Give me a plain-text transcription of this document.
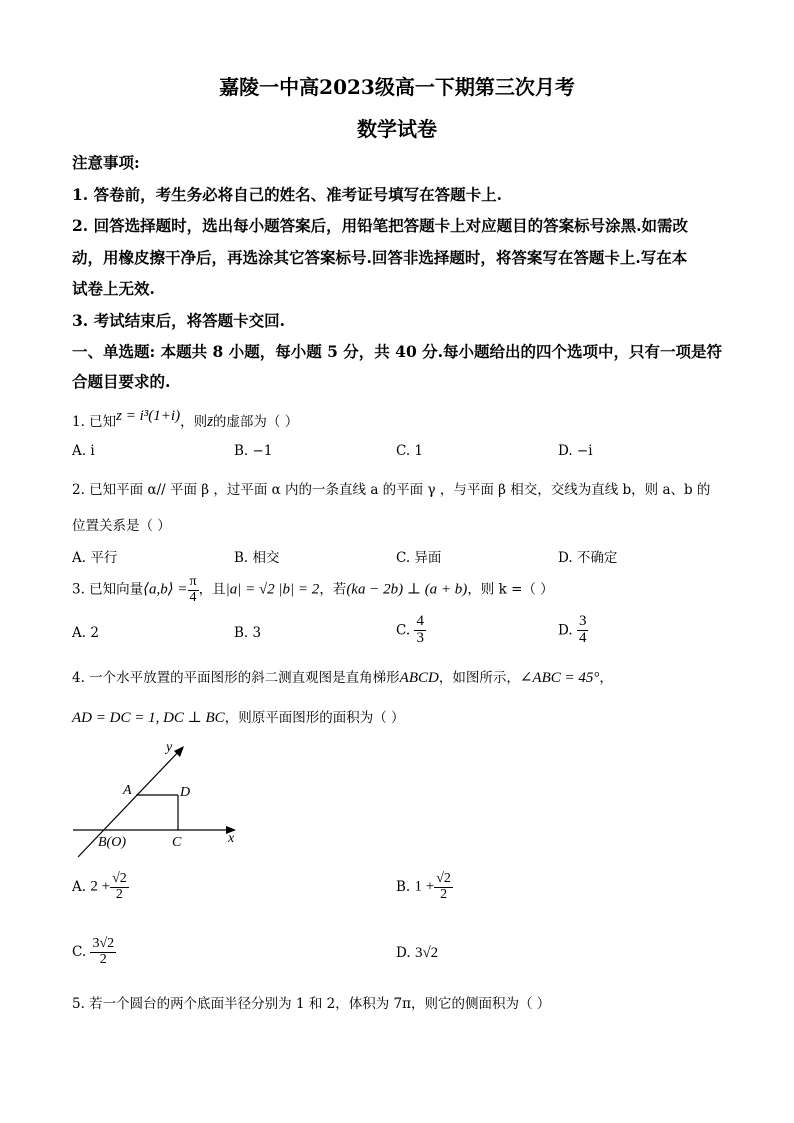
嘉陵一中高2023级高一下期第三次月考
数学试卷
注意事项:
1. 答卷前，考生务必将自己的姓名、准考证号填写在答题卡上.
2. 回答选择题时，选出每小题答案后，用铅笔把答题卡上对应题目的答案标号涂黑.如需改
动，用橡皮擦干净后，再选涂其它答案标号.回答非选择题时，将答案写在答题卡上.写在本
试卷上无效.
3. 考试结束后，将答题卡交回.
一、单选题: 本题共 8 小题，每小题 5 分，共 40 分.每小题给出的四个选项中，只有一项是符
合题目要求的.
1. 已知z = i³(1+i)，则z̄的虚部为（ ）
A. i	B. −1	C. 1	D. −i
2. 已知平面 α// 平面 β ，过平面 α 内的一条直线 a 的平面 γ ，与平面 β 相交，交线为直线 b，则 a、b 的
位置关系是（ ）
A. 平行	B. 相交	C. 异面	D. 不确定
3. 已知向量⟨a,b⟩ = $\frac{\pi}{4}$ ，且|a| = √2 |b| = 2，若(ka − 2b) ⊥ (a + b)，则 k =（ ）
A. 2	B. 3	C. $\frac{4}{3}$	D. $\frac{3}{4}$
4. 一个水平放置的平面图形的斜二测直观图是直角梯形ABCD，如图所示，∠ABC = 45°，
AD = DC = 1, DC ⊥ BC，则原平面图形的面积为（ ）
y
A	D
B(O)	C	x
A. $2 + \frac{√2}{2}$	B. $1 + \frac{√2}{2}$
C. $\frac{3√2}{2}$	D. 3√2
5. 若一个圆台的两个底面半径分别为 1 和 2，体积为 7π，则它的侧面积为（ ）
